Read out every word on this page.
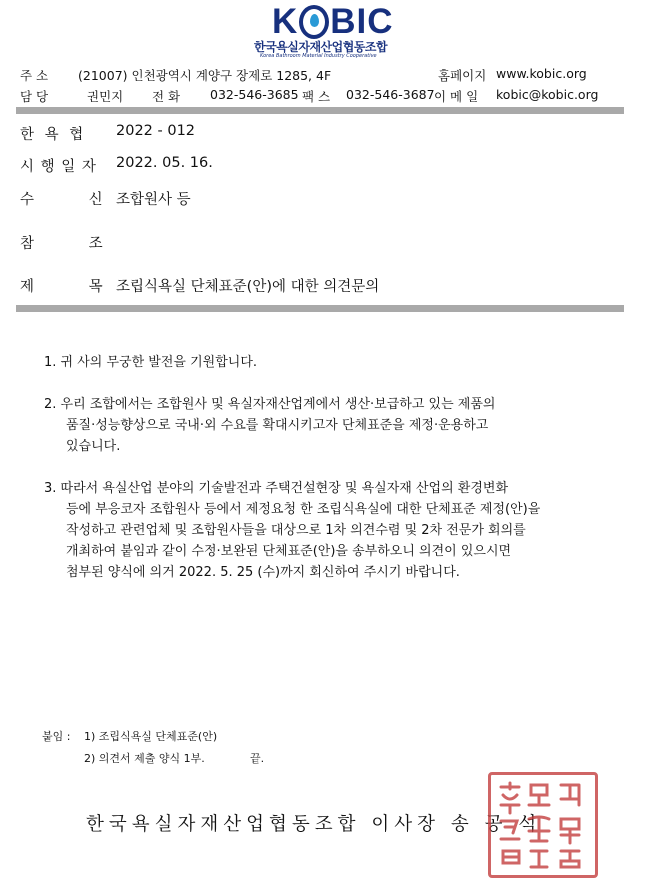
K BIC
한국욕실자재산업협동조합
Korea Bathroom Material Industry Cooperative
주 소 (21007) 인천광역시 계양구 장제로 1285, 4F	홈페이지 www.kobic.org
담 당	권민지 전 화 032-546-3685 팩 스 032-546-3687 이 메 일 kobic@kobic.org
한 욕 협 2022 - 012
시 행 일 자 2022. 05. 16.
수 신 조합원사 등
참 조
제 목 조립식욕실 단체표준(안)에 대한 의견문의
1. 귀 사의 무궁한 발전을 기원합니다.
2. 우리 조합에서는 조합원사 및 욕실자재산업계에서 생산·보급하고 있는 제품의
품질·성능향상으로 국내·외 수요를 확대시키고자 단체표준을 제정·운용하고
있습니다.
3. 따라서 욕실산업 분야의 기술발전과 주택건설현장 및 욕실자재 산업의 환경변화
등에 부응코자 조합원사 등에서 제정요청 한 조립식욕실에 대한 단체표준 제정(안)을
작성하고 관련업체 및 조합원사들을 대상으로 1차 의견수렴 및 2차 전문가 회의를
개최하여 붙임과 같이 수정·보완된 단체표준(안)을 송부하오니 의견이 있으시면
첨부된 양식에 의거 2022. 5. 25 (수)까지 회신하여 주시기 바랍니다.
붙임 : 1) 조립식욕실 단체표준(안)
2) 의견서 제출 양식 1부.	끝.
한국욕실자재산업협동조합 이사장 송 공 석
